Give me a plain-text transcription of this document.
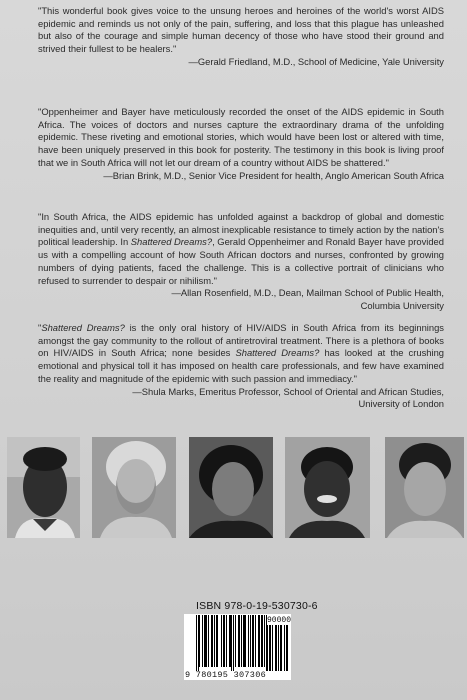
"This wonderful book gives voice to the unsung heroes and heroines of the world's worst AIDS epidemic and reminds us not only of the pain, suffering, and loss that this plague has unleashed but also of the courage and simple human decency of those who have stood their ground and strived their fullest to be healers."
—Gerald Friedland, M.D., School of Medicine, Yale University
"Oppenheimer and Bayer have meticulously recorded the onset of the AIDS epidemic in South Africa. The voices of doctors and nurses capture the extraordinary drama of the unfolding epidemic. These riveting and emotional stories, which would have been lost or altered with time, have been uniquely preserved in this book for posterity. The testimony in this book is living proof that we in South Africa will not let our dream of a country without AIDS be shattered."
—Brian Brink, M.D., Senior Vice President for health, Anglo American South Africa
"In South Africa, the AIDS epidemic has unfolded against a backdrop of global and domestic inequities and, until very recently, an almost inexplicable resistance to timely action by the nation's political leadership. In Shattered Dreams?, Gerald Oppenheimer and Ronald Bayer have provided us with a compelling account of how South African doctors and nurses, confronted by growing numbers of dying patients, faced the challenge. This is a collective portrait of clinicians who refused to surrender to despair or nihilism."
—Allan Rosenfield, M.D., Dean, Mailman School of Public Health,
Columbia University
"Shattered Dreams? is the only oral history of HIV/AIDS in South Africa from its beginnings amongst the gay community to the rollout of antiretroviral treatment. There is a plethora of books on HIV/AIDS in South Africa; none besides Shattered Dreams? has looked at the crushing emotional and physical toll it has imposed on health care professionals, and few have examined the reality and magnitude of the epidemic with such passion and immediacy."
—Shula Marks, Emeritus Professor, School of Oriental and African Studies,
University of London
ISBN 978-0-19-530730-6
9 780195 307306
90000
